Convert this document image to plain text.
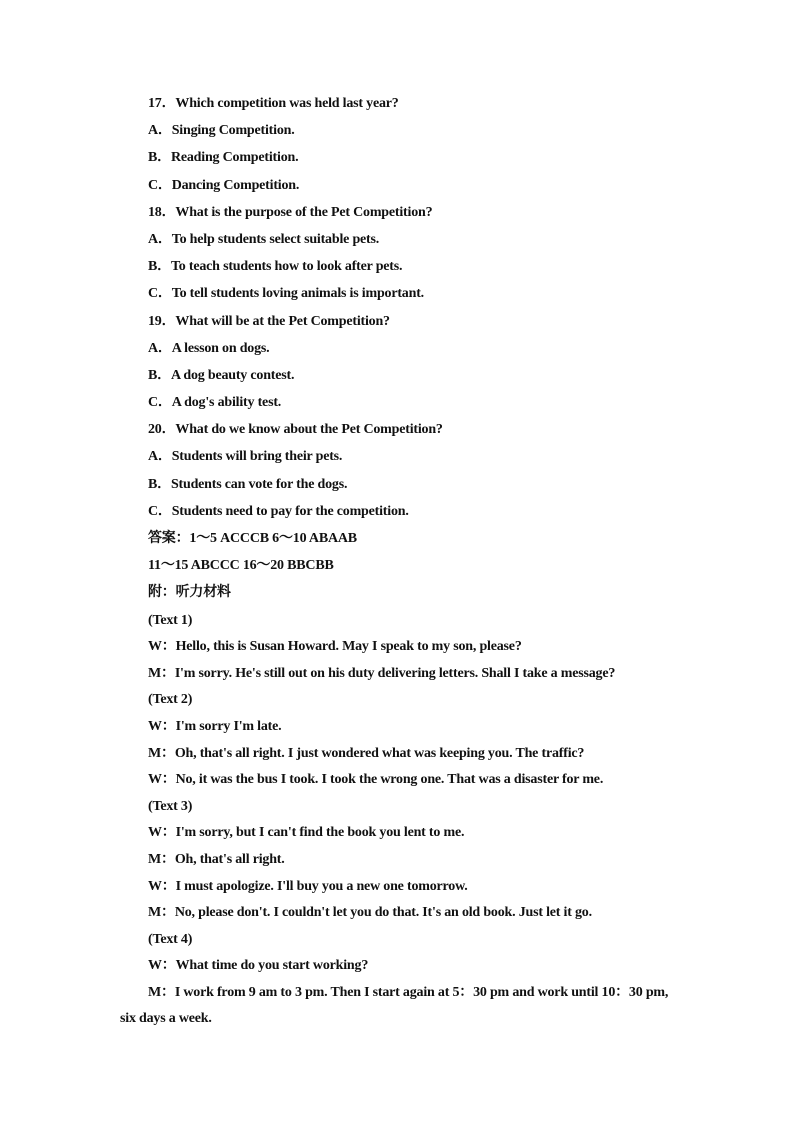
17．Which competition was held last year?
A．Singing Competition.
B．Reading Competition.
C．Dancing Competition.
18．What is the purpose of the Pet Competition?
A．To help students select suitable pets.
B．To teach students how to look after pets.
C．To tell students loving animals is important.
19．What will be at the Pet Competition?
A．A lesson on dogs.
B．A dog beauty contest.
C．A dog's ability test.
20．What do we know about the Pet Competition?
A．Students will bring their pets.
B．Students can vote for the dogs.
C．Students need to pay for the competition.
答案：1～5 ACCCB 6～10 ABAAB
11～15 ABCCC 16～20 BBCBB
附：听力材料
(Text 1)
W：Hello, this is Susan Howard. May I speak to my son, please?
M：I'm sorry. He's still out on his duty delivering letters. Shall I take a message?
(Text 2)
W：I'm sorry I'm late.
M：Oh, that's all right. I just wondered what was keeping you. The traffic?
W：No, it was the bus I took. I took the wrong one. That was a disaster for me.
(Text 3)
W：I'm sorry, but I can't find the book you lent to me.
M：Oh, that's all right.
W：I must apologize. I'll buy you a new one tomorrow.
M：No, please don't. I couldn't let you do that. It's an old book. Just let it go.
(Text 4)
W：What time do you start working?
M：I work from 9 am to 3 pm. Then I start again at 5：30 pm and work until 10：30 pm,
six days a week.
